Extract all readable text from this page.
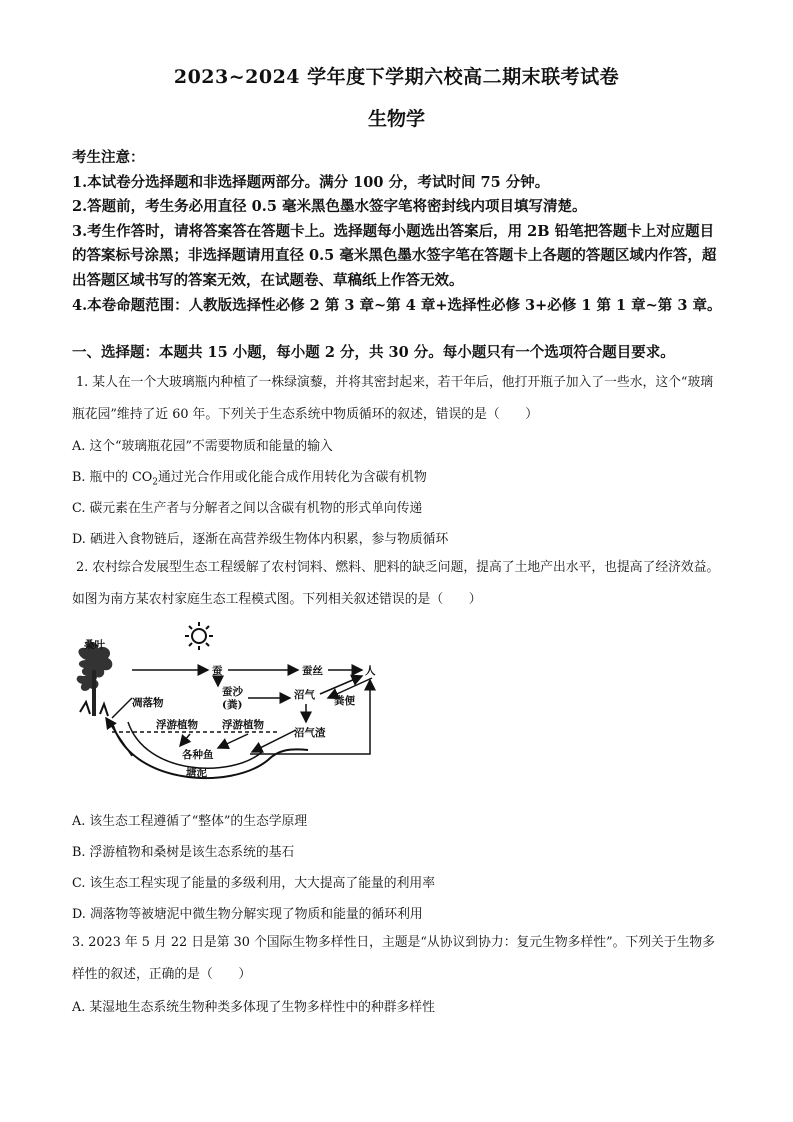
2023~2024 学年度下学期六校高二期末联考试卷
生物学

考生注意：

1.本试卷分选择题和非选择题两部分。满分 100 分，考试时间 75 分钟。

2.答题前，考生务必用直径 0.5 毫米黑色墨水签字笔将密封线内项目填写清楚。

3.考生作答时，请将答案答在答题卡上。选择题每小题选出答案后，用 2B 铅笔把答题卡上对应题目的答案标号涂黑；非选择题请用直径 0.5 毫米黑色墨水签字笔在答题卡上各题的答题区域内作答，超出答题区域书写的答案无效，在试题卷、草稿纸上作答无效。

4.本卷命题范围：人教版选择性必修 2 第 3 章~第 4 章+选择性必修 3+必修 1 第 1 章~第 3 章。

一、选择题：本题共 15 小题，每小题 2 分，共 30 分。每小题只有一个选项符合题目要求。

1. 某人在一个大玻璃瓶内种植了一株绿演藜，并将其密封起来，若干年后，他打开瓶子加入了一些水，这个“玻璃瓶花园”维持了近 60 年。下列关于生态系统中物质循环的叙述，错误的是（　　）

A. 这个“玻璃瓶花园”不需要物质和能量的输入
B. 瓶中的 $CO_2$通过光合作用或化能合成作用转化为含碳有机物
C. 碳元素在生产者与分解者之间以含碳有机物的形式单向传递
D. 硒进入食物链后，逐渐在高营养级生物体内积累，参与物质循环

2. 农村综合发展型生态工程缓解了农村饲料、燃料、肥料的缺乏问题，提高了土地产出水平，也提高了经济效益。如图为南方某农村家庭生态工程模式图。下列相关叙述错误的是（　　）

桑叶
蚕	蚕丝	人
蚕沙
(粪)
沼气 粪便
沼气渣
凋落物
浮游植物 浮游植物
各种鱼
塘泥
A. 该生态工程遵循了“整体”的生态学原理
B. 浮游植物和桑树是该生态系统的基石
C. 该生态工程实现了能量的多级利用，大大提高了能量的利用率
D. 凋落物等被塘泥中微生物分解实现了物质和能量的循环利用

3. 2023 年 5 月 22 日是第 30 个国际生物多样性日，主题是“从协议到协力：复元生物多样性”。下列关于生物多样性的叙述，正确的是（　　）

A. 某湿地生态系统生物种类多体现了生物多样性中的种群多样性
